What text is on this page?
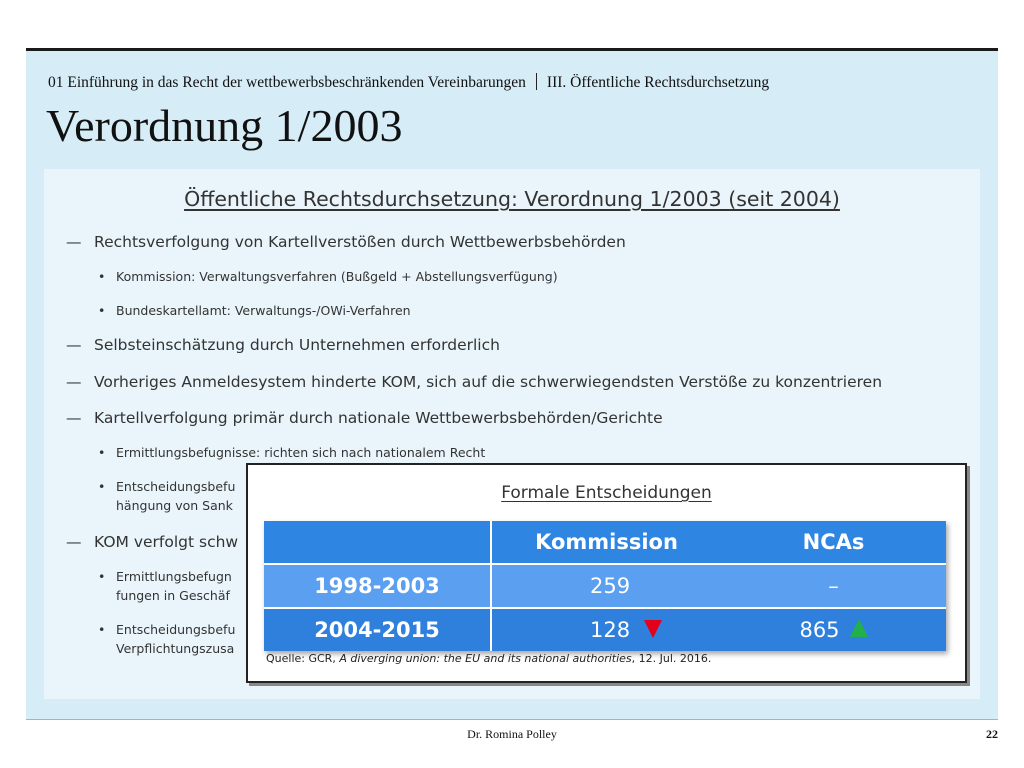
01 Einführung in das Recht der wettbewerbsbeschränkenden Vereinbarungen III. Öffentliche Rechtsdurchsetzung
Verordnung 1/2003
Öffentliche Rechtsdurchsetzung: Verordnung 1/2003 (seit 2004)
— Rechtsverfolgung von Kartellverstößen durch Wettbewerbsbehörden
• Kommission: Verwaltungsverfahren (Bußgeld + Abstellungsverfügung)
• Bundeskartellamt: Verwaltungs-/OWi-Verfahren
— Selbsteinschätzung durch Unternehmen erforderlich
— Vorheriges Anmeldesystem hinderte KOM, sich auf die schwerwiegendsten Verstöße zu konzentrieren
— Kartellverfolgung primär durch nationale Wettbewerbsbehörden/Gerichte
• Ermittlungsbefugnisse: richten sich nach nationalem Recht
• Entscheidungsbefu
hängung von Sank
— KOM verfolgt schw
• Ermittlungsbefugn
fungen in Geschäf
• Entscheidungsbefu
Verpflichtungszusa
Formale Entscheidungen
	Kommission	NCAs
1998-2003	259	–
2004-2015	128	865
Quelle: GCR, A diverging union: the EU and its national authorities, 12. Jul. 2016.
Dr. Romina Polley	22
